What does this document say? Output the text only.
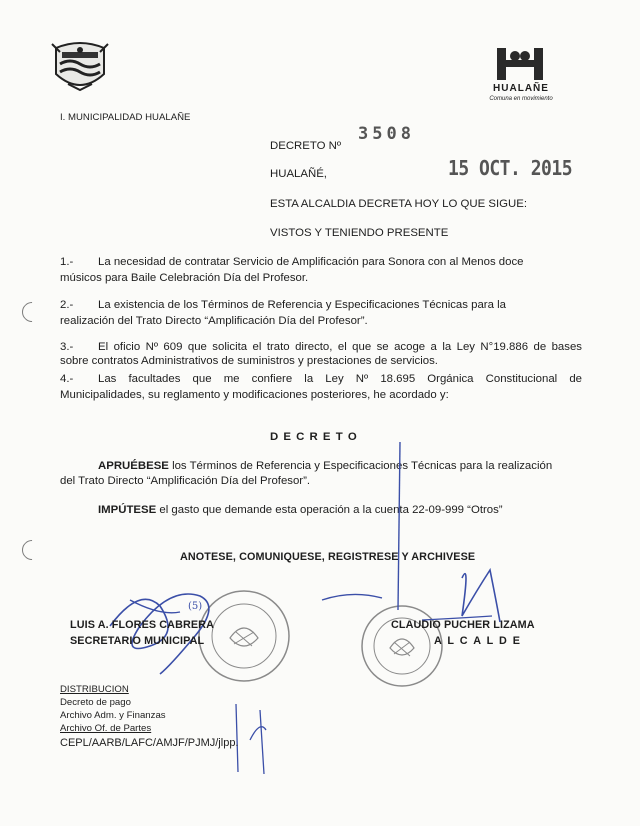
HUALAÑE
Comuna en movimiento
I. MUNICIPALIDAD HUALAÑE
DECRETO Nº
3508
HUALAÑÉ,	15 OCT. 2015
ESTA ALCALDIA DECRETA HOY LO QUE SIGUE:
VISTOS Y TENIENDO PRESENTE
1.- La necesidad de contratar Servicio de Amplificación para Sonora con al Menos doce
músicos para Baile Celebración Día del Profesor.
2.- La existencia de los Términos de Referencia y Especificaciones Técnicas para la
realización del Trato Directo “Amplificación Día del Profesor”.
3.- El oficio Nº 609 que solicita el trato directo, el que se acoge a la Ley N°19.886 de bases
sobre contratos Administrativos de suministros y prestaciones de servicios.
4.- Las facultades que me confiere la Ley Nº 18.695 Orgánica Constitucional de
Municipalidades, su reglamento y modificaciones posteriores, he acordado y:
D E C R E T O
APRUÉBESE los Términos de Referencia y Especificaciones Técnicas para la realización
del Trato Directo “Amplificación Día del Profesor”.
IMPÚTESE el gasto que demande esta operación a la cuenta 22-09-999 “Otros”
ANOTESE, COMUNIQUESE, REGISTRESE Y ARCHIVESE
(5)
LUIS A. FLORES CABRERA
SECRETARIO MUNICIPAL
CLAUDIO PUCHER LIZAMA
A L C A L D E
DISTRIBUCION
Decreto de pago
Archivo Adm. y Finanzas
Archivo Of. de Partes
CEPL/AARB/LAFC/AMJF/PJMJ/jlpp.
